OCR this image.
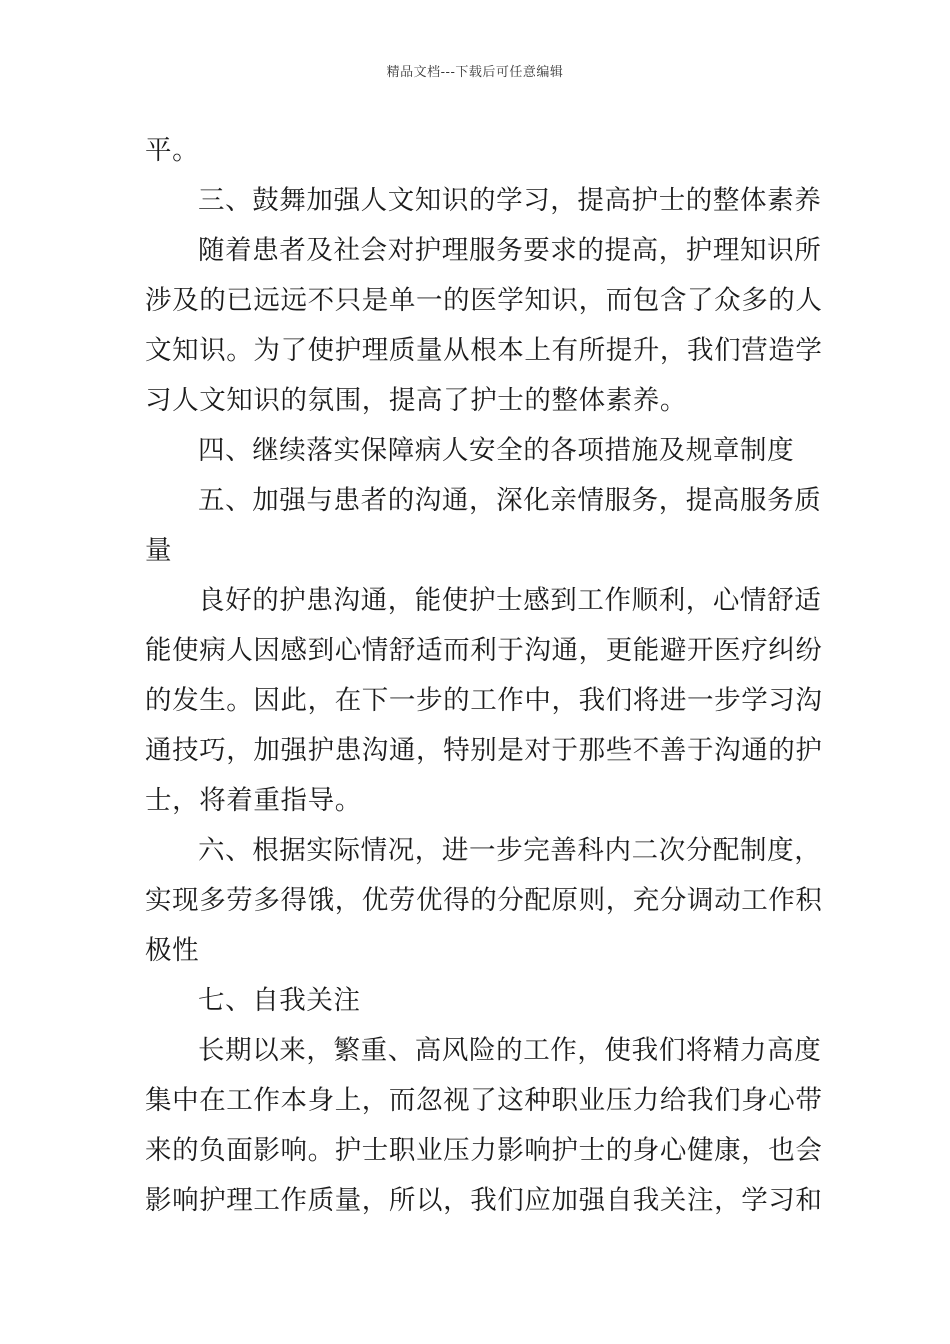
精品文档---下载后可任意编辑
平。
三、鼓舞加强人文知识的学习，提高护士的整体素养
随着患者及社会对护理服务要求的提高，护理知识所
涉及的已远远不只是单一的医学知识，而包含了众多的人
文知识。为了使护理质量从根本上有所提升，我们营造学
习人文知识的氛围，提高了护士的整体素养。
四、继续落实保障病人安全的各项措施及规章制度
五、加强与患者的沟通，深化亲情服务，提高服务质
量
良好的护患沟通，能使护士感到工作顺利，心情舒适
能使病人因感到心情舒适而利于沟通，更能避开医疗纠纷
的发生。因此，在下一步的工作中，我们将进一步学习沟
通技巧，加强护患沟通，特别是对于那些不善于沟通的护
士，将着重指导。
六、根据实际情况，进一步完善科内二次分配制度，
实现多劳多得饿，优劳优得的分配原则，充分调动工作积
极性
七、自我关注
长期以来，繁重、高风险的工作，使我们将精力高度
集中在工作本身上，而忽视了这种职业压力给我们身心带
来的负面影响。护士职业压力影响护士的身心健康，也会
影响护理工作质量，所以，我们应加强自我关注，学习和
